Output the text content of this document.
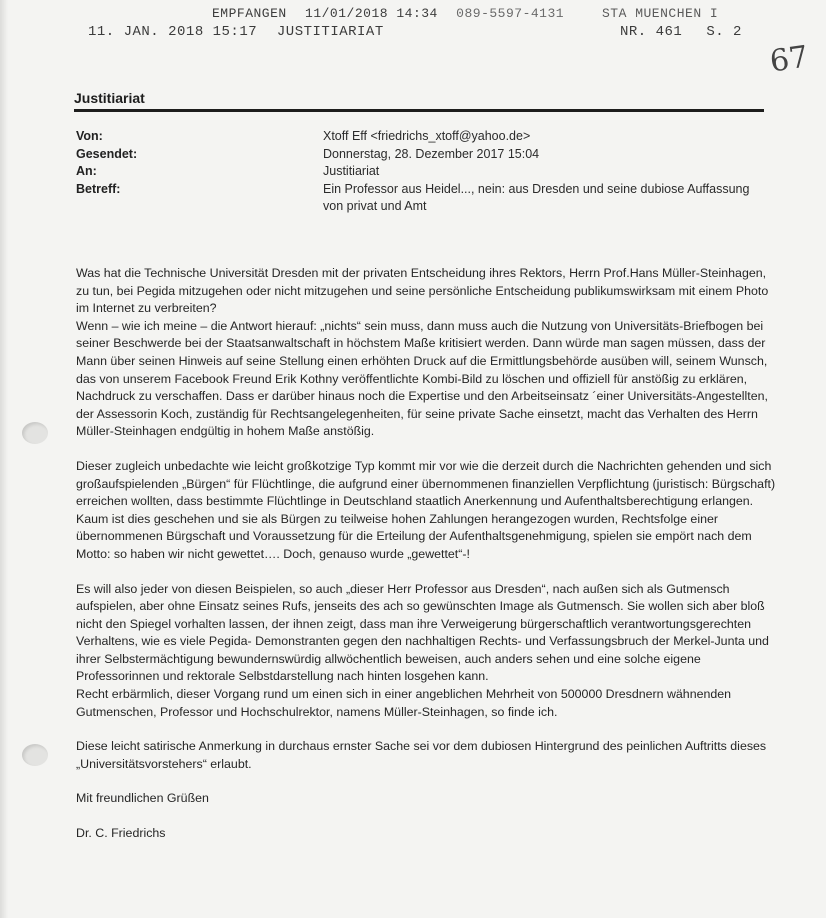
EMPFANGEN 11/01/2018 14:34 089-5597-4131	STA MUENCHEN I
11. JAN. 2018 15:17 JUSTITIARIAT	NR. 461 S. 2
67
Justitiariat
Von:	Xtoff Eff <friedrichs_xtoff@yahoo.de>
Gesendet:	Donnerstag, 28. Dezember 2017 15:04
An:	Justitiariat
Betreff:	Ein Professor aus Heidel..., nein: aus Dresden und seine dubiose Auffassung von privat und Amt

Was hat die Technische Universität Dresden mit der privaten Entscheidung ihres Rektors, Herrn Prof.Hans Müller-Steinhagen, zu tun, bei Pegida mitzugehen oder nicht mitzugehen und seine persönliche Entscheidung publikumswirksam mit einem Photo im Internet zu verbreiten?

Wenn – wie ich meine – die Antwort hierauf: „nichts“ sein muss, dann muss auch die Nutzung von Universitäts-Briefbogen bei seiner Beschwerde bei der Staatsanwaltschaft in höchstem Maße kritisiert werden. Dann würde man sagen müssen, dass der Mann über seinen Hinweis auf seine Stellung einen erhöhten Druck auf die Ermittlungsbehörde ausüben will, seinem Wunsch, das von unserem Facebook Freund Erik Kothny veröffentlichte Kombi-Bild zu löschen und offiziell für anstößig zu erklären, Nachdruck zu verschaffen. Dass er darüber hinaus noch die Expertise und den Arbeitseinsatz ´einer Universitäts-Angestellten, der Assessorin Koch, zuständig für Rechtsangelegenheiten, für seine private Sache einsetzt, macht das Verhalten des Herrn Müller-Steinhagen endgültig in hohem Maße anstößig.

Dieser zugleich unbedachte wie leicht großkotzige Typ kommt mir vor wie die derzeit durch die Nachrichten gehenden und sich großaufspielenden „Bürgen“ für Flüchtlinge, die aufgrund einer übernommenen finanziellen Verpflichtung (juristisch: Bürgschaft) erreichen wollten, dass bestimmte Flüchtlinge in Deutschland staatlich Anerkennung und Aufenthaltsberechtigung erlangen. Kaum ist dies geschehen und sie als Bürgen zu teilweise hohen Zahlungen herangezogen wurden, Rechtsfolge einer übernommenen Bürgschaft und Voraussetzung für die Erteilung der Aufenthaltsgenehmigung, spielen sie empört nach dem Motto: so haben wir nicht gewettet…. Doch, genauso wurde „gewettet“-!

Es will also jeder von diesen Beispielen, so auch „dieser Herr Professor aus Dresden“, nach außen sich als Gutmensch aufspielen, aber ohne Einsatz seines Rufs, jenseits des ach so gewünschten Image als Gutmensch. Sie wollen sich aber bloß nicht den Spiegel vorhalten lassen, der ihnen zeigt, dass man ihre Verweigerung bürgerschaftlich verantwortungsgerechten Verhaltens, wie es viele Pegida- Demonstranten gegen den nachhaltigen Rechts- und Verfassungsbruch der Merkel-Junta und ihrer Selbstermächtigung bewundernswürdig allwöchentlich beweisen, auch anders sehen und eine solche eigene Professorinnen und rektorale Selbstdarstellung nach hinten losgehen kann.

Recht erbärmlich, dieser Vorgang rund um einen sich in einer angeblichen Mehrheit von 500000 Dresdnern wähnenden Gutmenschen, Professor und Hochschulrektor, namens Müller-Steinhagen, so finde ich.

Diese leicht satirische Anmerkung in durchaus ernster Sache sei vor dem dubiosen Hintergrund des peinlichen Auftritts dieses „Universitätsvorstehers“ erlaubt.

Mit freundlichen Grüßen

Dr. C. Friedrichs
